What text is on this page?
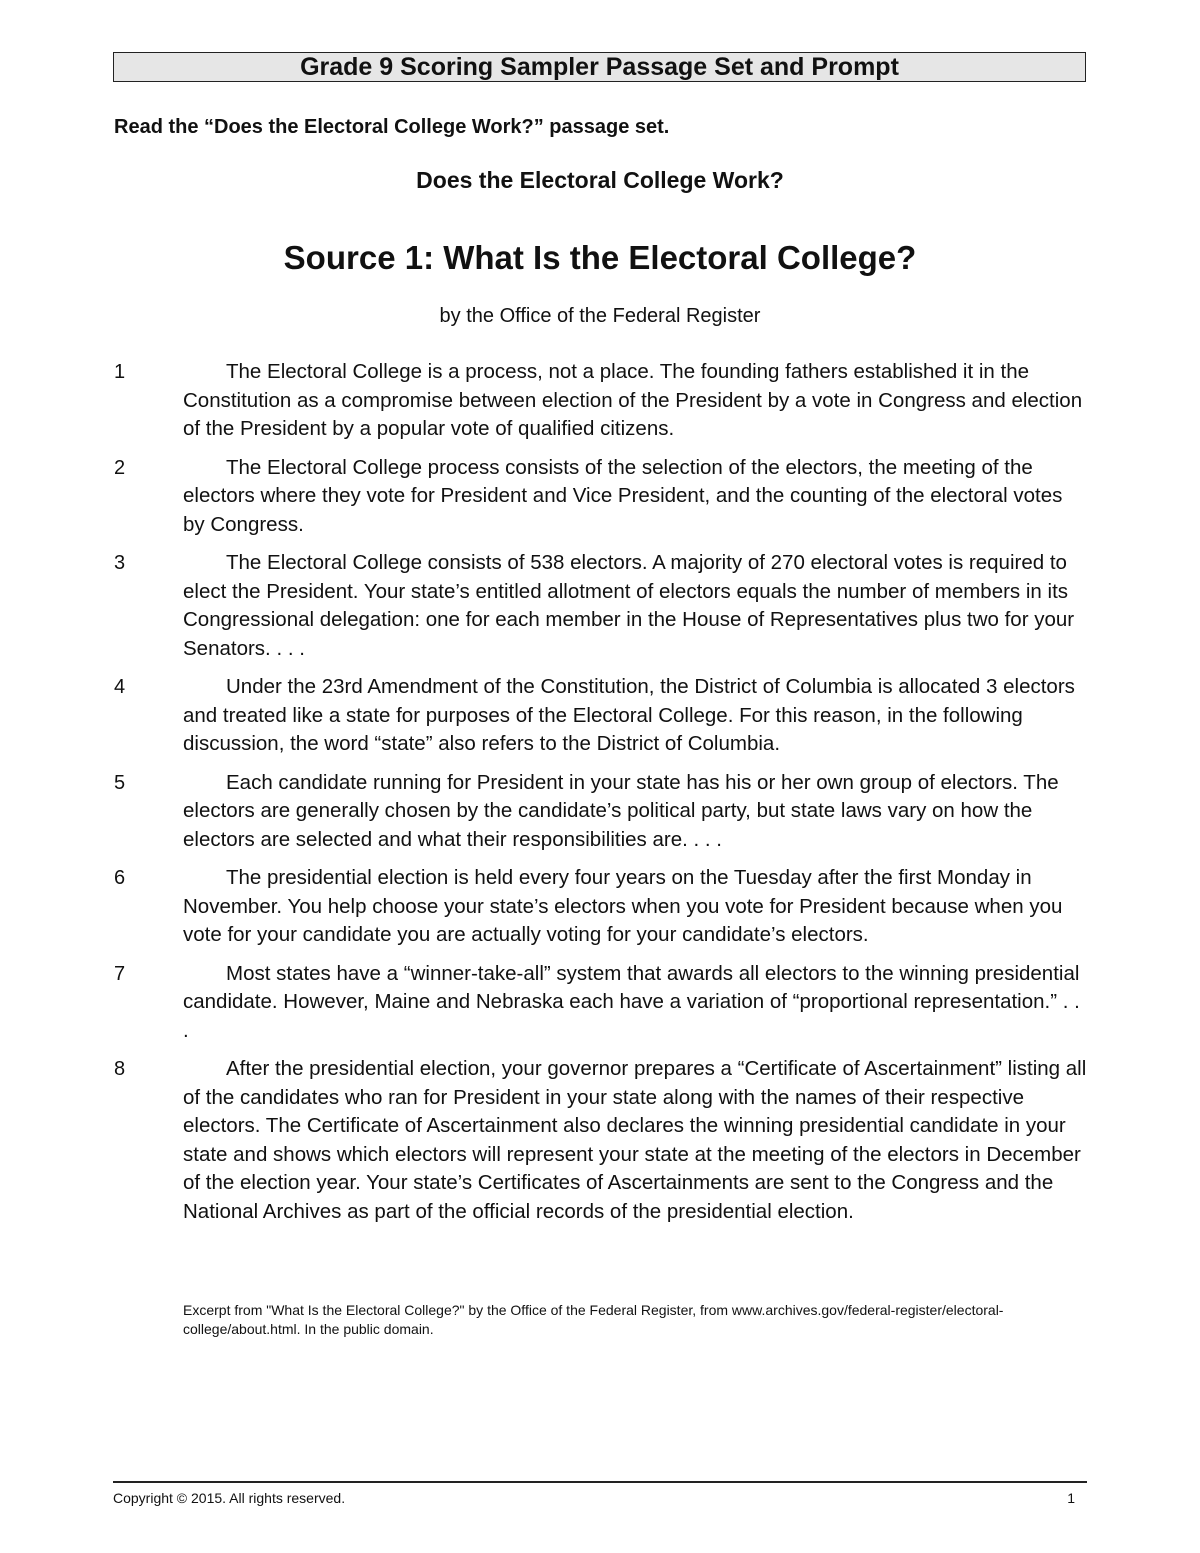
Grade 9 Scoring Sampler Passage Set and Prompt
Read the “Does the Electoral College Work?” passage set.
Does the Electoral College Work?
Source 1: What Is the Electoral College?
by the Office of the Federal Register
1	The Electoral College is a process, not a place. The founding fathers established it in the Constitution as a compromise between election of the President by a vote in Congress and election of the President by a popular vote of qualified citizens.
2	The Electoral College process consists of the selection of the electors, the meeting of the electors where they vote for President and Vice President, and the counting of the electoral votes by Congress.
3	The Electoral College consists of 538 electors. A majority of 270 electoral votes is required to elect the President. Your state’s entitled allotment of electors equals the number of members in its Congressional delegation: one for each member in the House of Representatives plus two for your Senators. . . .
4	Under the 23rd Amendment of the Constitution, the District of Columbia is allocated 3 electors and treated like a state for purposes of the Electoral College. For this reason, in the following discussion, the word “state” also refers to the District of Columbia.
5	Each candidate running for President in your state has his or her own group of electors. The electors are generally chosen by the candidate’s political party, but state laws vary on how the electors are selected and what their responsibilities are. . . .
6	The presidential election is held every four years on the Tuesday after the first Monday in November. You help choose your state’s electors when you vote for President because when you vote for your candidate you are actually voting for your candidate’s electors.
7	Most states have a “winner-take-all” system that awards all electors to the winning presidential candidate. However, Maine and Nebraska each have a variation of “proportional representation.” . . .
8	After the presidential election, your governor prepares a “Certificate of Ascertainment” listing all of the candidates who ran for President in your state along with the names of their respective electors. The Certificate of Ascertainment also declares the winning presidential candidate in your state and shows which electors will represent your state at the meeting of the electors in December of the election year. Your state’s Certificates of Ascertainments are sent to the Congress and the National Archives as part of the official records of the presidential election.
Excerpt from "What Is the Electoral College?" by the Office of the Federal Register, from www.archives.gov/federal-register/electoral-college/about.html. In the public domain.
Copyright © 2015. All rights reserved.	1
